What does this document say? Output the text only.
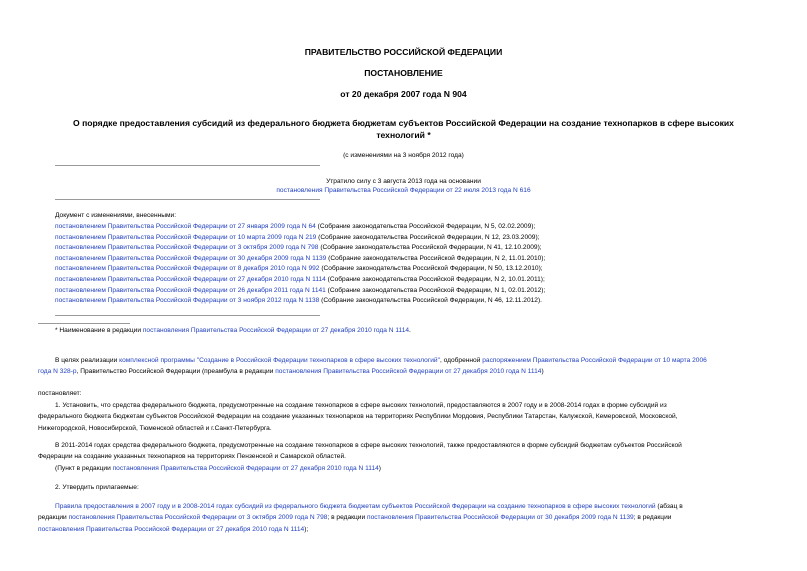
ПРАВИТЕЛЬСТВО РОССИЙСКОЙ ФЕДЕРАЦИИ
ПОСТАНОВЛЕНИЕ
от 20 декабря 2007 года N 904
О порядке предоставления субсидий из федерального бюджета бюджетам субъектов Российской Федерации на создание технопарков в сфере высоких
технологий *
(с изменениями на 3 ноября 2012 года)
Утратило силу с 3 августа 2013 года на основании
постановления Правительства Российской Федерации от 22 июля 2013 года N 616
Документ с изменениями, внесенными:
постановлением Правительства Российской Федерации от 27 января 2009 года N 64 (Собрание законодательства Российской Федерации, N 5, 02.02.2009);
постановлением Правительства Российской Федерации от 10 марта 2009 года N 219 (Собрание законодательства Российской Федерации, N 12, 23.03.2009);
постановлением Правительства Российской Федерации от 3 октября 2009 года N 798 (Собрание законодательства Российской Федерации, N 41, 12.10.2009);
постановлением Правительства Российской Федерации от 30 декабря 2009 года N 1139 (Собрание законодательства Российской Федерации, N 2, 11.01.2010);
постановлением Правительства Российской Федерации от 8 декабря 2010 года N 992 (Собрание законодательства Российской Федерации, N 50, 13.12.2010);
постановлением Правительства Российской Федерации от 27 декабря 2010 года N 1114 (Собрание законодательства Российской Федерации, N 2, 10.01.2011);
постановлением Правительства Российской Федерации от 26 декабря 2011 года N 1141 (Собрание законодательства Российской Федерации, N 1, 02.01.2012);
постановлением Правительства Российской Федерации от 3 ноября 2012 года N 1138 (Собрание законодательства Российской Федерации, N 46, 12.11.2012).
* Наименование в редакции постановления Правительства Российской Федерации от 27 декабря 2010 года N 1114.
В целях реализации комплексной программы "Создание в Российской Федерации технопарков в сфере высоких технологий", одобренной распоряжением Правительства Российской Федерации от 10 марта 2006
года N 328-р, Правительство Российской Федерации (преамбула в редакции постановления Правительства Российской Федерации от 27 декабря 2010 года N 1114)
постановляет:
1. Установить, что средства федерального бюджета, предусмотренные на создание технопарков в сфере высоких технологий, предоставляются в 2007 году и в 2008-2014 годах в форме субсидий из
федерального бюджета бюджетам субъектов Российской Федерации на создание указанных технопарков на территориях Республики Мордовия, Республики Татарстан, Калужской, Кемеровской, Московской,
Нижегородской, Новосибирской, Тюменской областей и г.Санкт-Петербурга.
В 2011-2014 годах средства федерального бюджета, предусмотренные на создание технопарков в сфере высоких технологий, также предоставляются в форме субсидий бюджетам субъектов Российской
Федерации на создание указанных технопарков на территориях Пензенской и Самарской областей.
(Пункт в редакции постановления Правительства Российской Федерации от 27 декабря 2010 года N 1114)
2. Утвердить прилагаемые:
Правила предоставления в 2007 году и в 2008-2014 годах субсидий из федерального бюджета бюджетам субъектов Российской Федерации на создание технопарков в сфере высоких технологий (абзац в
редакции постановления Правительства Российской Федерации от 3 октября 2009 года N 798; в редакции постановления Правительства Российской Федерации от 30 декабря 2009 года N 1139; в редакции
постановления Правительства Российской Федерации от 27 декабря 2010 года N 1114);
